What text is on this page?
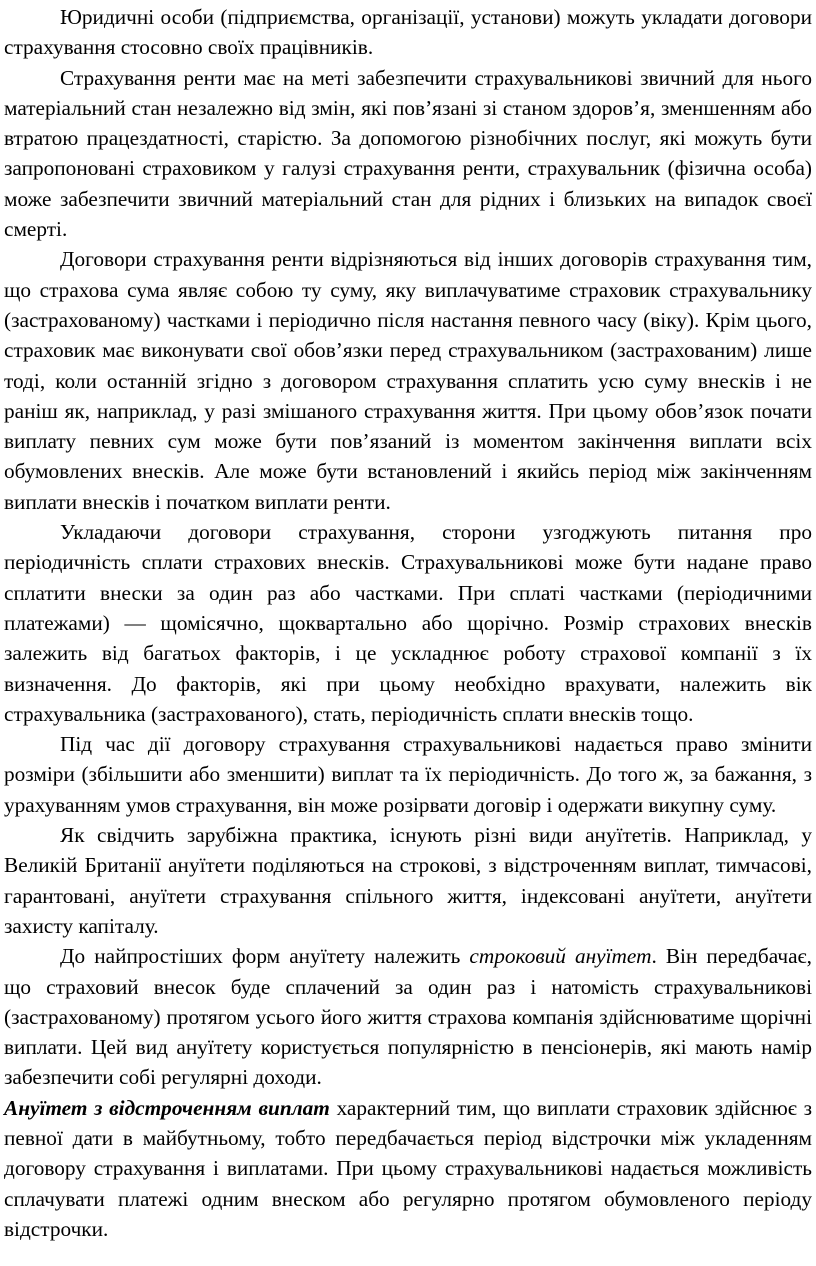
Юридичні особи (підприємства, організації, установи) можуть укладати договори страхування стосовно своїх працівників.

Страхування ренти має на меті забезпечити страхувальникові звичний для нього матеріальний стан незалежно від змін, які пов’язані зі станом здоров’я, зменшенням або втратою працездатності, старістю. За допомогою різнобічних послуг, які можуть бути запропоновані страховиком у галузі страхування ренти, страхувальник (фізична особа) може забезпечити звичний матеріальний стан для рідних і близьких на випадок своєї смерті.

Договори страхування ренти відрізняються від інших договорів страхування тим, що страхова сума являє собою ту суму, яку виплачуватиме страховик страхувальнику (застрахованому) частками і періодично після настання певного часу (віку). Крім цього, страховик має виконувати свої обов’язки перед страхувальником (застрахованим) лише тоді, коли останній згідно з договором страхування сплатить усю суму внесків і не раніш як, наприклад, у разі змішаного страхування життя. При цьому обов’язок почати виплату певних сум може бути пов’язаний із моментом закінчення виплати всіх обумовлених внесків. Але може бути встановлений і якийсь період між закінченням виплати внесків і початком виплати ренти.

Укладаючи договори страхування, сторони узгоджують питання про періодичність сплати страхових внесків. Страхувальникові може бути надане право сплатити внески за один раз або частками. При сплаті частками (періодичними платежами) — щомісячно, щоквартально або щорічно. Розмір страхових внесків залежить від багатьох факторів, і це ускладнює роботу страхової компанії з їх визначення. До факторів, які при цьому необхідно врахувати, належить вік страхувальника (застрахованого), стать, періодичність сплати внесків тощо.

Під час дії договору страхування страхувальникові надається право змінити розміри (збільшити або зменшити) виплат та їх періодичність. До того ж, за бажання, з урахуванням умов страхування, він може розірвати договір і одержати викупну суму.

Як свідчить зарубіжна практика, існують різні види ануїтетів. Наприклад, у Великій Британії ануїтети поділяються на строкові, з відстроченням виплат, тимчасові, гарантовані, ануїтети страхування спільного життя, індексовані ануїтети, ануїтети захисту капіталу.

До найпростіших форм ануїтету належить строковий ануїтет. Він передбачає, що страховий внесок буде сплачений за один раз і натомість страхувальникові (застрахованому) протягом усього його життя страхова компанія здійснюватиме щорічні виплати. Цей вид ануїтету користується популярністю в пенсіонерів, які мають намір забезпечити собі регулярні доходи.

Ануїтет з відстроченням виплат характерний тим, що виплати страховик здійснює з певної дати в майбутньому, тобто передбачається період відстрочки між укладенням договору страхування і виплатами. При цьому страхувальникові надається можливість сплачувати платежі одним внеском або регулярно протягом обумовленого періоду відстрочки.
